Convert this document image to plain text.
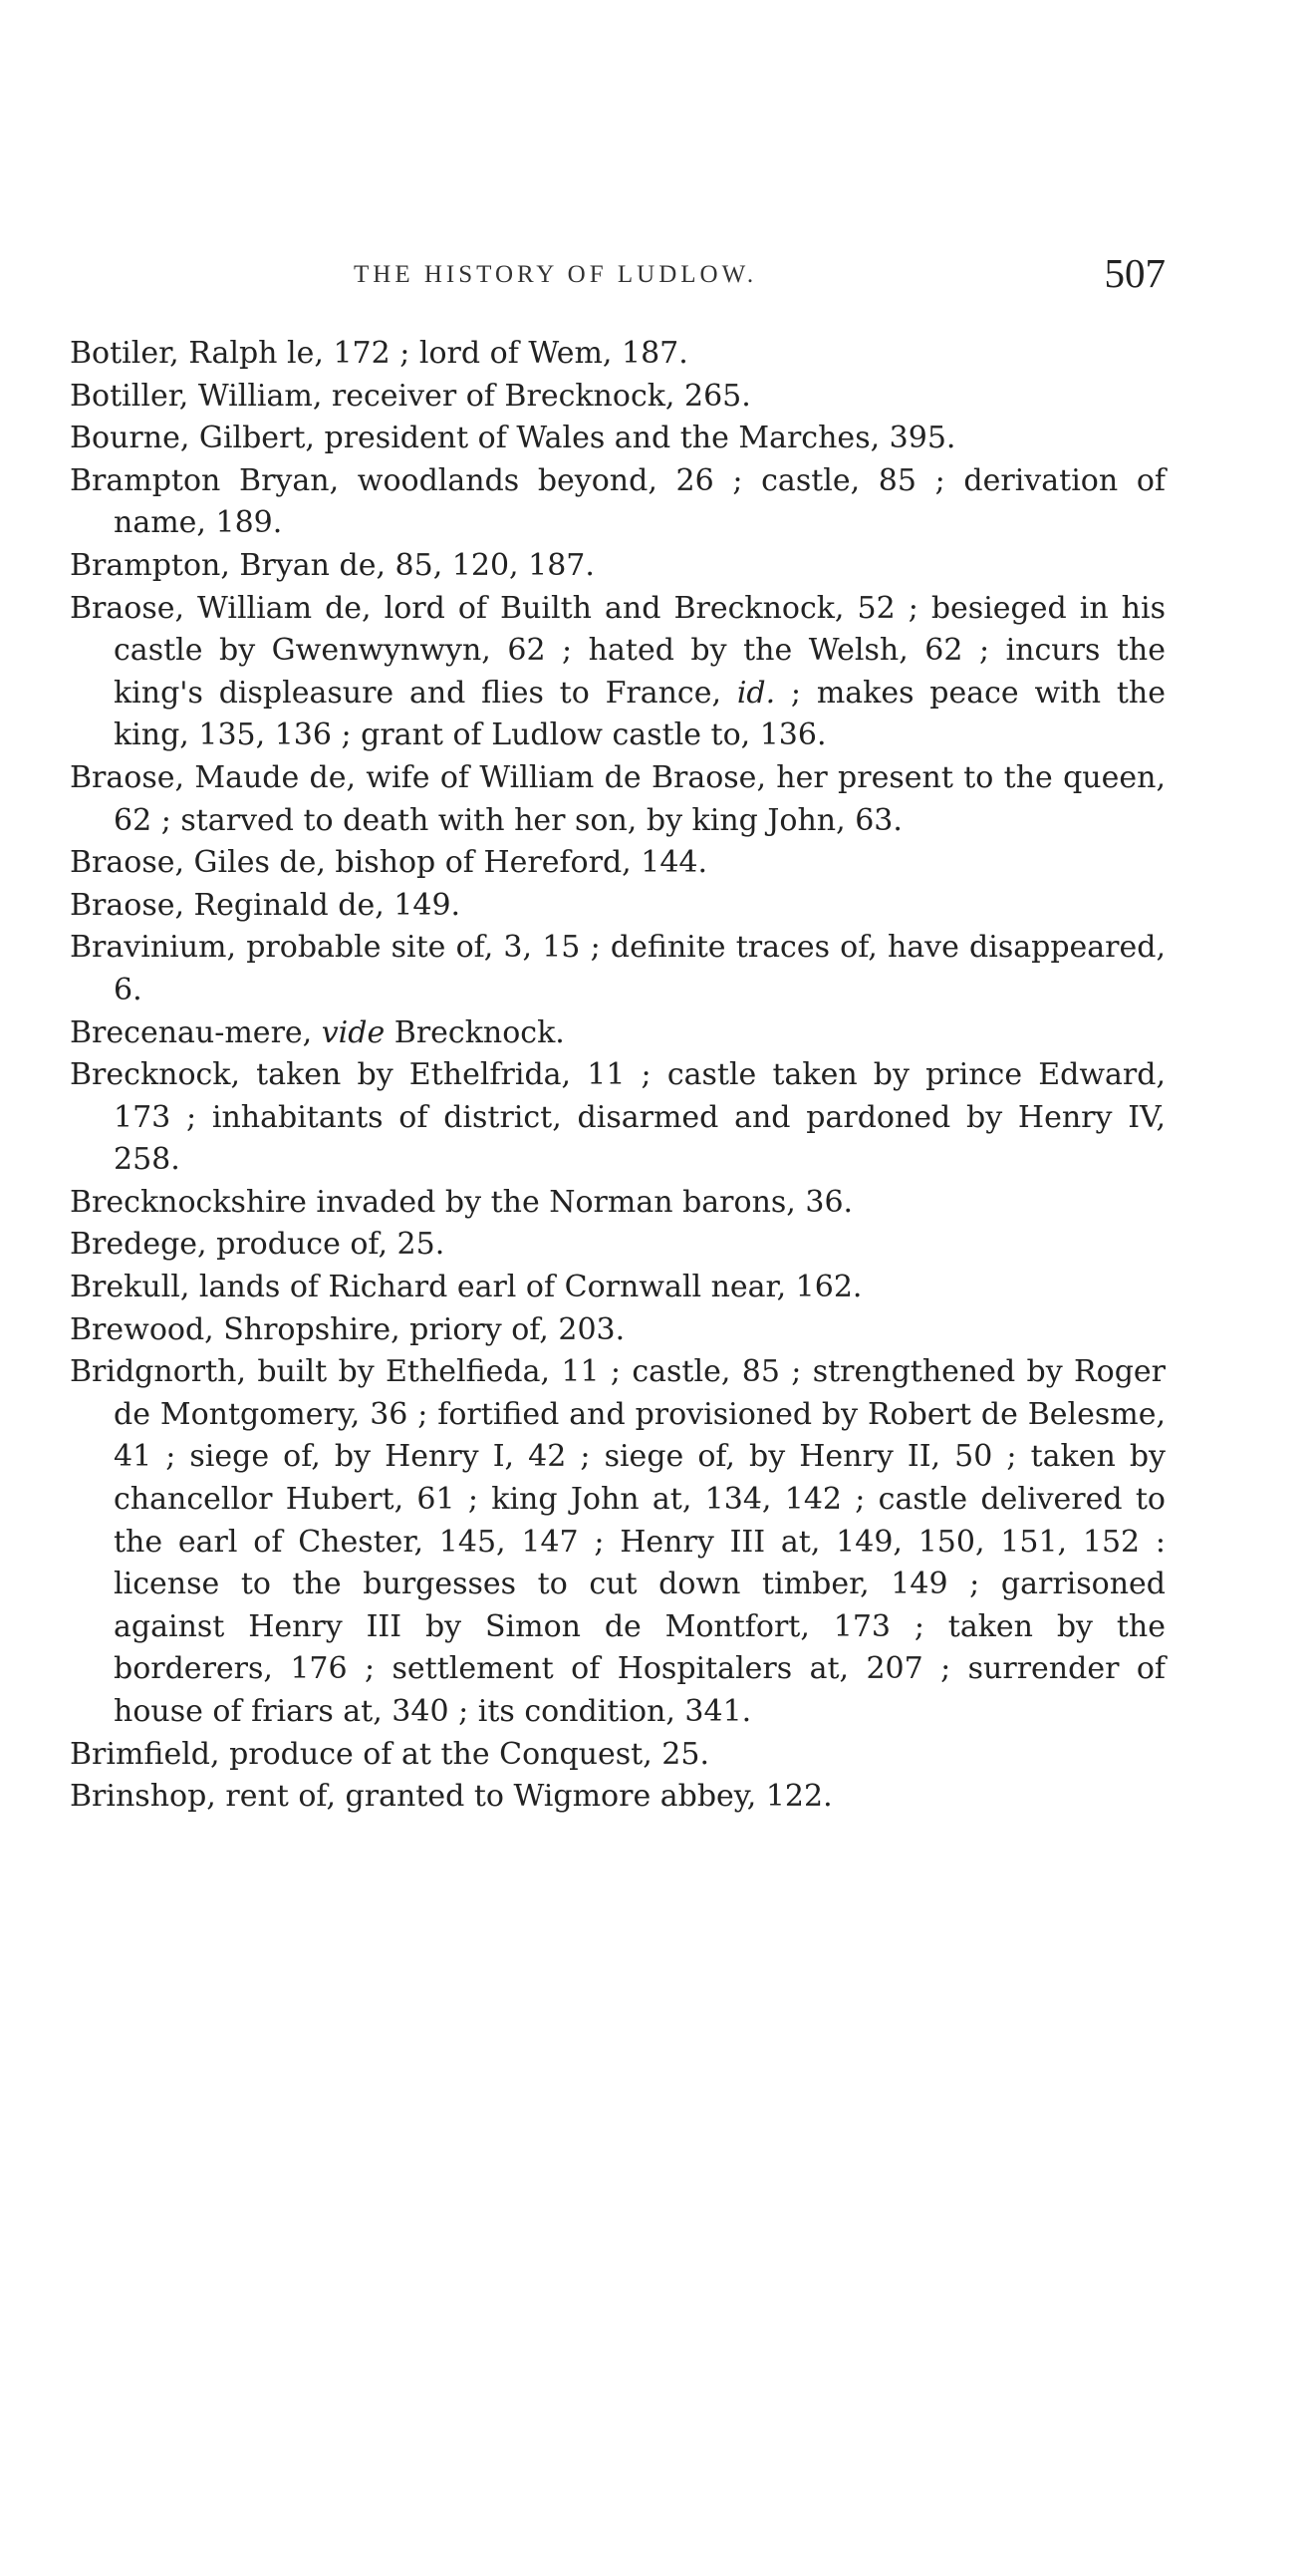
THE HISTORY OF LUDLOW.	507
Botiler, Ralph le, 172 ; lord of Wem, 187.
Botiller, William, receiver of Brecknock, 265.
Bourne, Gilbert, president of Wales and the Marches, 395.
Brampton Bryan, woodlands beyond, 26 ; castle, 85 ; derivation of name, 189.
Brampton, Bryan de, 85, 120, 187.
Braose, William de, lord of Builth and Brecknock, 52 ; besieged in his castle by Gwenwynwyn, 62 ; hated by the Welsh, 62 ; incurs the king's displeasure and flies to France, id. ; makes peace with the king, 135, 136 ; grant of Ludlow castle to, 136.
Braose, Maude de, wife of William de Braose, her present to the queen, 62 ; starved to death with her son, by king John, 63.
Braose, Giles de, bishop of Hereford, 144.
Braose, Reginald de, 149.
Bravinium, probable site of, 3, 15 ; definite traces of, have disappeared, 6.
Brecenau-mere, vide Brecknock.
Brecknock, taken by Ethelfrida, 11 ; castle taken by prince Edward, 173 ; inhabitants of district, disarmed and pardoned by Henry IV, 258.
Brecknockshire invaded by the Norman barons, 36.
Bredege, produce of, 25.
Brekull, lands of Richard earl of Cornwall near, 162.
Brewood, Shropshire, priory of, 203.
Bridgnorth, built by Ethelfieda, 11 ; castle, 85 ; strengthened by Roger de Montgomery, 36 ; fortified and provisioned by Robert de Belesme, 41 ; siege of, by Henry I, 42 ; siege of, by Henry II, 50 ; taken by chancellor Hubert, 61 ; king John at, 134, 142 ; castle delivered to the earl of Chester, 145, 147 ; Henry III at, 149, 150, 151, 152 : license to the burgesses to cut down timber, 149 ; garrisoned against Henry III by Simon de Montfort, 173 ; taken by the borderers, 176 ; settlement of Hospitalers at, 207 ; surrender of house of friars at, 340 ; its condition, 341.
Brimfield, produce of at the Conquest, 25.
Brinshop, rent of, granted to Wigmore abbey, 122.
